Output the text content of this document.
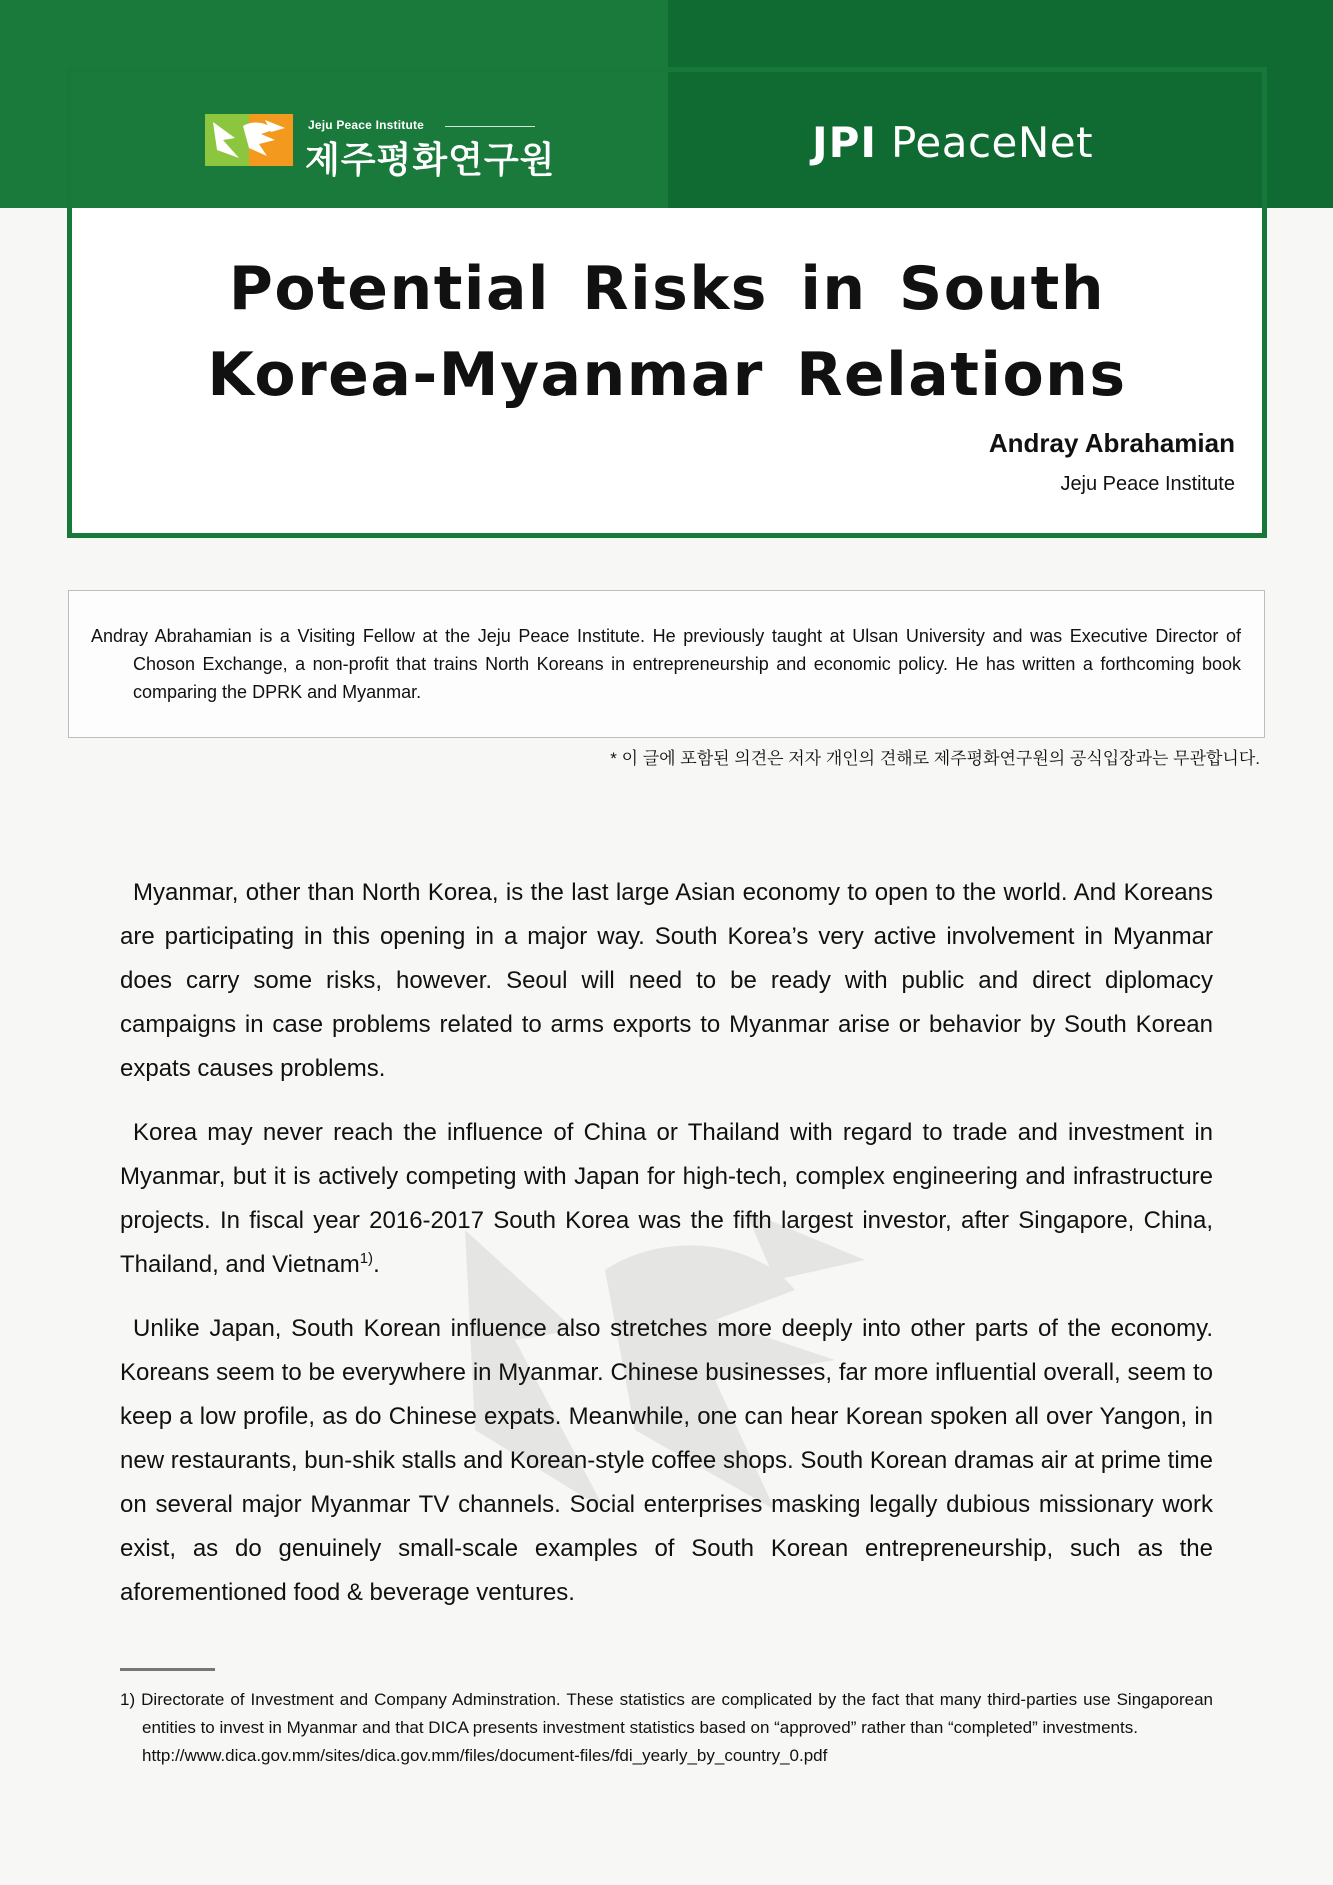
Jeju Peace Institute
제주평화연구원	JPI PeaceNet
Potential Risks in South
Korea-Myanmar Relations
Andray Abrahamian
Jeju Peace Institute
Andray Abrahamian is a Visiting Fellow at the Jeju Peace Institute. He previously taught at Ulsan University and was Executive Director of Choson Exchange, a non-profit that trains North Koreans in entrepreneurship and economic policy. He has written a forthcoming book comparing the DPRK and Myanmar.
* 이 글에 포함된 의견은 저자 개인의 견해로 제주평화연구원의 공식입장과는 무관합니다.

Myanmar, other than North Korea, is the last large Asian economy to open to the world. And Koreans are participating in this opening in a major way. South Korea’s very active involvement in Myanmar does carry some risks, however. Seoul will need to be ready with public and direct diplomacy campaigns in case problems related to arms exports to Myanmar arise or behavior by South Korean expats causes problems.

Korea may never reach the influence of China or Thailand with regard to trade and investment in Myanmar, but it is actively competing with Japan for high-tech, complex engineering and infrastructure projects. In fiscal year 2016-2017 South Korea was the fifth largest investor, after Singapore, China, Thailand, and Vietnam$^{1)}$.

Unlike Japan, South Korean influence also stretches more deeply into other parts of the economy. Koreans seem to be everywhere in Myanmar. Chinese businesses, far more influential overall, seem to keep a low profile, as do Chinese expats. Meanwhile, one can hear Korean spoken all over Yangon, in new restaurants, bun-shik stalls and Korean-style coffee shops. South Korean dramas air at prime time on several major Myanmar TV channels. Social enterprises masking legally dubious missionary work exist, as do genuinely small-scale examples of South Korean entrepreneurship, such as the aforementioned food & beverage ventures.

1) Directorate of Investment and Company Adminstration. These statistics are complicated by the fact that many third-parties use Singaporean entities to invest in Myanmar and that DICA presents investment statistics based on “approved” rather than “completed” investments.
http://www.dica.gov.mm/sites/dica.gov.mm/files/document-files/fdi_yearly_by_country_0.pdf
